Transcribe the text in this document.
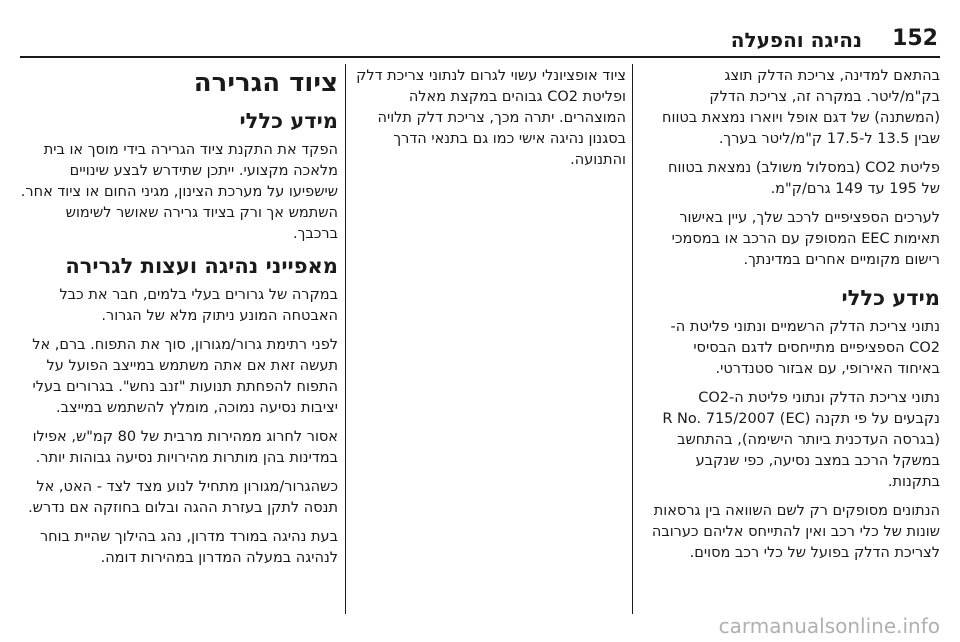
152
נהיגה והפעלה

בהתאם למדינה, צריכת הדלק תוצג בק"מ/ליטר. במקרה זה, צריכת הדלק (המשתנה) של דגם אופל ויוארו נמצאת בטווח שבין 13.5 ל-17.5 ק"מ/ליטר בערך.

פליטת CO2 (במסלול משולב) נמצאת בטווח של 195 עד 149 גרם/ק"מ.

לערכים הספציפיים לרכב שלך, עיין באישור תאימות EEC המסופק עם הרכב או במסמכי רישום מקומיים אחרים במדינתך.

מידע כללי

נתוני צריכת הדלק הרשמיים ונתוני פליטת ה-CO2 הספציפיים מתייחסים לדגם הבסיסי באיחוד האירופי, עם אבזור סטנדרטי.

נתוני צריכת הדלק ונתוני פליטת ה-CO2 נקבעים על פי תקנה (EC) R No. 715/2007 (בגרסה העדכנית ביותר הישימה), בהתחשב במשקל הרכב במצב נסיעה, כפי שנקבע בתקנות.

הנתונים מסופקים רק לשם השוואה בין גרסאות שונות של כלי רכב ואין להתייחס אליהם כערובה לצריכת הדלק בפועל של כלי רכב מסוים.

ציוד אופציונלי עשוי לגרום לנתוני צריכת דלק ופליטת CO2 גבוהים במקצת מאלה המוצהרים. יתרה מכך, צריכת דלק תלויה בסגנון נהיגה אישי כמו גם בתנאי הדרך והתנועה.

ציוד הגרירה
מידע כללי

הפקד את התקנת ציוד הגרירה בידי מוסך או בית מלאכה מקצועי. ייתכן שתידרש לבצע שינויים שישפיעו על מערכת הצינון, מגיני החום או ציוד אחר. השתמש אך ורק בציוד גרירה שאושר לשימוש ברכבך.

מאפייני נהיגה ועצות לגרירה

במקרה של גרורים בעלי בלמים, חבר את כבל האבטחה המונע ניתוק מלא של הגרור.

לפני רתימת גרור/מגורון, סוך את התפוח. ברם, אל תעשה זאת אם אתה משתמש במייצב הפועל על התפוח להפחתת תנועות "זנב נחש". בגרורים בעלי יציבות נסיעה נמוכה, מומלץ להשתמש במייצב.

אסור לחרוג ממהירות מרבית של 80 קמ"ש, אפילו במדינות בהן מותרות מהירויות נסיעה גבוהות יותר.

כשהגרור/מגורון מתחיל לנוע מצד לצד - האט, אל תנסה לתקן בעזרת ההגה ובלום בחוזקה אם נדרש.

בעת נהיגה במורד מדרון, נהג בהילוך שהיית בוחר לנהיגה במעלה המדרון במהירות דומה.

carmanualsonline.info
